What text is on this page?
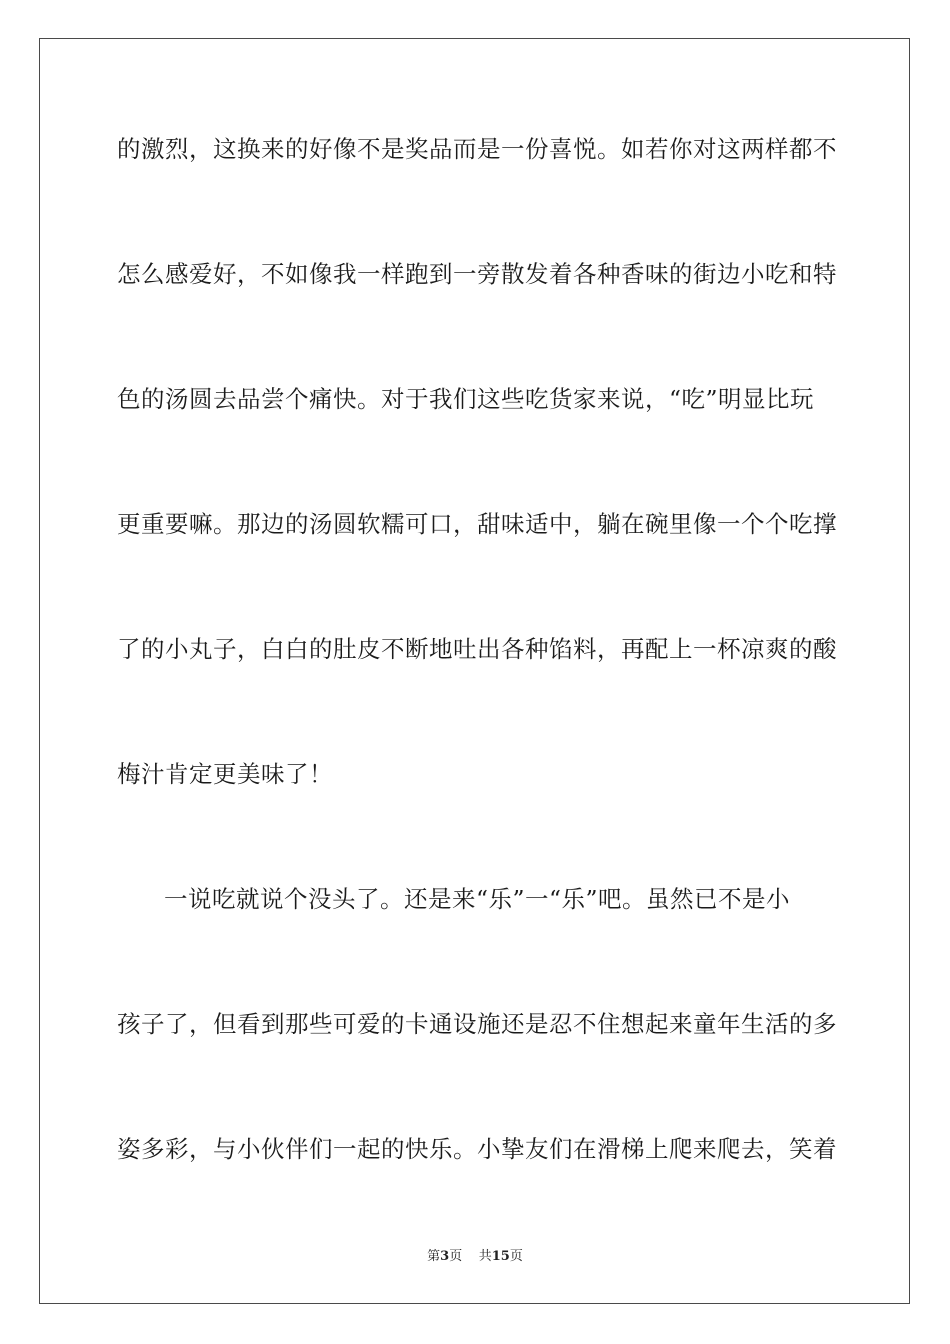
的激烈，这换来的好像不是奖品而是一份喜悦。如若你对这两样都不
怎么感爱好，不如像我一样跑到一旁散发着各种香味的街边小吃和特
色的汤圆去品尝个痛快。对于我们这些吃货家来说，“吃”明显比玩
更重要嘛。那边的汤圆软糯可口，甜味适中，躺在碗里像一个个吃撑
了的小丸子，白白的肚皮不断地吐出各种馅料，再配上一杯凉爽的酸
梅汁肯定更美味了！
一说吃就说个没头了。还是来“乐”一“乐”吧。虽然已不是小
孩子了，但看到那些可爱的卡通设施还是忍不住想起来童年生活的多
姿多彩，与小伙伴们一起的快乐。小挚友们在滑梯上爬来爬去，笑着
第3页 共15页
